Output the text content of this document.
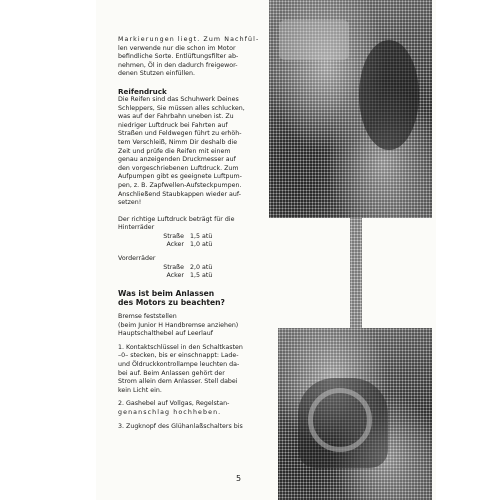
Markierungen liegt. Zum Nachfül-

len verwende nur die schon im Motor

befindliche Sorte. Entlüftungsfilter ab-

nehmen, Öl in den dadurch freigewor-

denen Stutzen einfüllen.

Reifendruck

Die Reifen sind das Schuhwerk Deines

Schleppers, Sie müssen alles schlucken,

was auf der Fahrbahn uneben ist. Zu

niedriger Luftdruck bei Fahrten auf

Straßen und Feldwegen führt zu erhöh-

tem Verschleiß, Nimm Dir deshalb die

Zeit und prüfe die Reifen mit einem

genau anzeigenden Druckmesser auf

den vorgeschriebenen Luftdruck. Zum

Aufpumpen gibt es geeignete Luftpum-

pen, z. B. Zapfwellen-Aufsteckpumpen.

Anschließend Staubkappen wieder auf-

setzen!

Der richtige Luftdruck beträgt für die

Hinterräder

Straße 1,5 atü
Acker 1,0 atü

Vorderräder

Straße 2,0 atü
Acker 1,5 atü
Was ist beim Anlassen
des Motors zu beachten?

Bremse feststellen

(beim Junior H Handbremse anziehen)

Hauptschalthebel auf Leerlauf

1. Kontaktschlüssel in den Schaltkasten

–0– stecken, bis er einschnappt: Lade-

und Öldruckkontrollampe leuchten da-

bei auf. Beim Anlassen gehört der

Strom allein dem Anlasser. Stell dabei

kein Licht ein.

2. Gashebel auf Vollgas, Regelstan-

genanschlag hochheben.

3. Zugknopf des Glühanlaßschalters bis

5
